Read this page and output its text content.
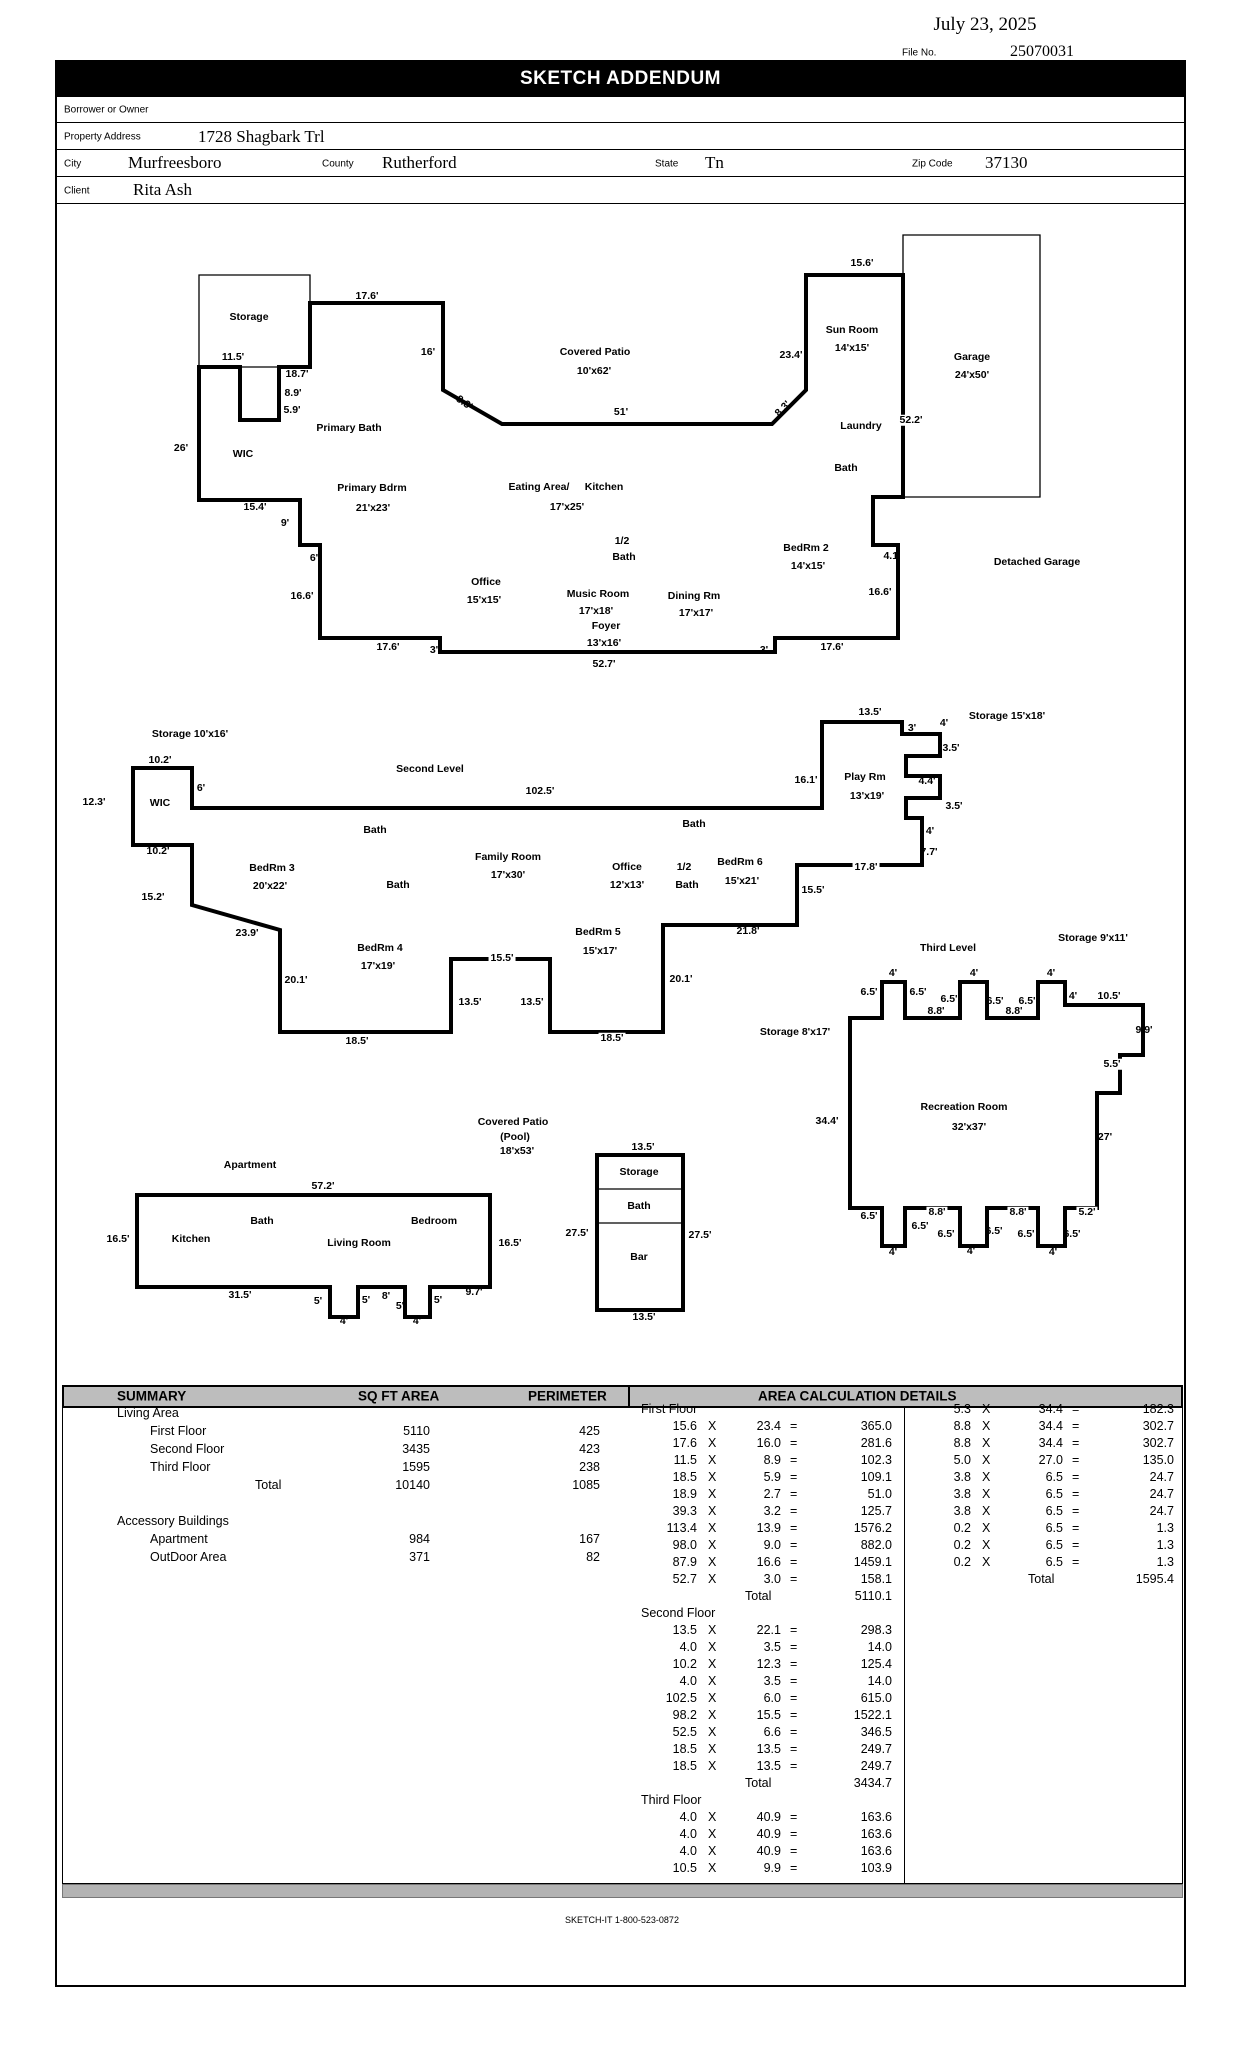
July 23, 2025
File No.	25070031
SKETCH ADDENDUM
Borrower or Owner
Property Address	1728 Shagbark Trl
City	Murfreesboro	County Rutherford	State Tn	Zip Code 37130
Client	Rita Ash
Storage
11.5'
17.6'
16'	Covered Patio
10'x62'
8.3'	51'	8.3'
15.6'
Sun Room
14'x15'
23.4'
Laundry
Garage
24'x50'
52.2'
Bath
BedRm 2
14'x15'
4.1'	Detached Garage
16.6'
17.6'
3'
52.7'
3'
17.6'
16.6'
6'
9'
15.4'
26'	WIC
18.7'
8.9'
5.9'
Primary Bath
Primary Bdrm
21'x23'
Eating Area/ Kitchen
17'x25'
1/2
Bath
Office
15'x15'	Music Room
17'x18'
Foyer
13'x16'
Dining Rm
17'x17'
Storage 10'x16'
10.2'
Second Level
102.5'
12.3'	WIC
6'
10.2'
Bath
BedRm 3
20'x22'	Bath
Family Room
17'x30'
Office
12'x13'
1/2
Bath
BedRm 6
15'x21'
Bath
16.1'	Play Rm
13'x19'
13.5'
3' 4'
Storage 15'x18'
3.5'
4.4'
3.5'
4'
7.7'
17.8'
15.5'
21.8'
20.1'
BedRm 5
15'x17'
15.5'
13.5'	13.5'
18.5'
18.5'
20.1'
23.9'
15.2'
BedRm 4
17'x19'
Storage 8'x17'
Third Level
Storage 9'x11'
4'	4'	4'
6.5'	6.5'
6.5'	6.5' 6.5'
8.8'	8.8'
4' 10.5'
9.9'
5.5'
34.4'
Recreation Room
32'x37'
27'
6.5'
4'
6.5'
8.8'
6.5'
4'
6.5'
8.8'
6.5'
4'
6.5'
5.2'
Covered Patio
(Pool)
18'x53'
Apartment
57.2'
Bath
Kitchen	Living Room
Bedroom
16.5'	16.5'
31.5'	5'
4'
5' 8'
5'
4'
5'
9.7'
13.5'
Storage
Bath
Bar
27.5'	27.5'
13.5'
SUMMARY	SQ FT AREA	PERIMETER	AREA CALCULATION DETAILS
Living Area
First Floor	5110	425
Second Floor	3435	423
Third Floor	1595	238
Total	10140	1085
Accessory Buildings
Apartment	984	167
OutDoor Area	371	82
First Floor
15.6 X	23.4 =	365.0
17.6 X	16.0 =	281.6
11.5 X	8.9 =	102.3
18.5 X	5.9 =	109.1
18.9 X	2.7 =	51.0
39.3 X	3.2 =	125.7
113.4 X	13.9 =	1576.2
98.0 X	9.0 =	882.0
87.9 X	16.6 =	1459.1
52.7 X	3.0 =	158.1
Total	5110.1
Second Floor
13.5 X	22.1 =	298.3
4.0 X	3.5 =	14.0
10.2 X	12.3 =	125.4
4.0 X	3.5 =	14.0
102.5 X	6.0 =	615.0
98.2 X	15.5 =	1522.1
52.5 X	6.6 =	346.5
18.5 X	13.5 =	249.7
18.5 X	13.5 =	249.7
Total	3434.7
Third Floor
4.0 X	40.9 =	163.6
4.0 X	40.9 =	163.6
4.0 X	40.9 =	163.6
10.5 X	9.9 =	103.9
5.3 X	34.4 =	182.3
8.8 X	34.4 =	302.7
8.8 X	34.4 =	302.7
5.0 X	27.0 =	135.0
3.8 X	6.5 =	24.7
3.8 X	6.5 =	24.7
3.8 X	6.5 =	24.7
0.2 X	6.5 =	1.3
0.2 X	6.5 =	1.3
0.2 X	6.5 =	1.3
Total	1595.4
SKETCH-IT 1-800-523-0872
